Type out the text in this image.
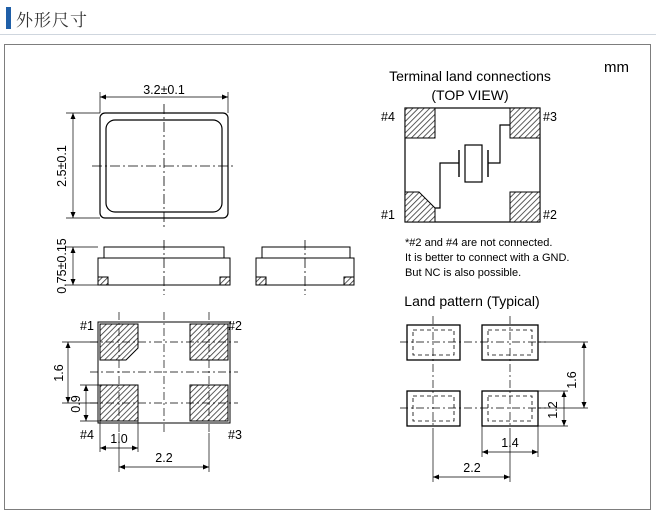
外形尺寸
mm
3.2±0.1
2.5±0.1
0.75±0.15
#1	#2
#4	#3
1.6
0.9
1.0
2.2
Terminal land connections
(TOP VIEW)
#4	#3
#1	#2
*#2 and #4 are not connected.
It is better to connect with a GND.
But NC is also possible.
Land pattern (Typical)
1.6
1.2
1.4
2.2
